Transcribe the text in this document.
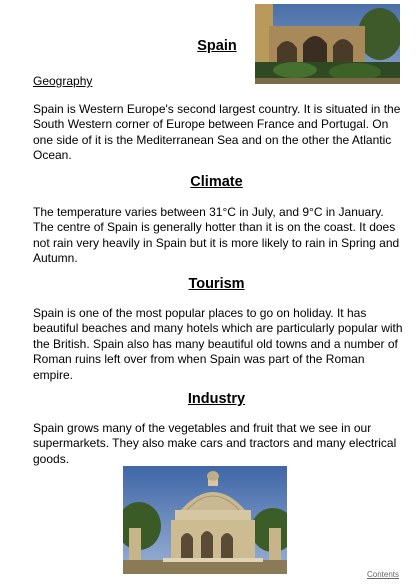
Spain
Geography

Spain is Western Europe's second largest country. It is situated in the South Western corner of Europe between France and Portugal. On one side of it is the Mediterranean Sea and on the other the Atlantic Ocean.

Climate

The temperature varies between 31°C in July, and 9°C in January. The centre of Spain is generally hotter than it is on the coast. It does not rain very heavily in Spain but it is more likely to rain in Spring and Autumn.

Tourism

Spain is one of the most popular places to go on holiday. It has beautiful beaches and many hotels which are particularly popular with the British. Spain also has many beautiful old towns and a number of Roman ruins left over from when Spain was part of the Roman empire.

Industry

Spain grows many of the vegetables and fruit that we see in our supermarkets. They also make cars and tractors and many electrical goods.

Contents
